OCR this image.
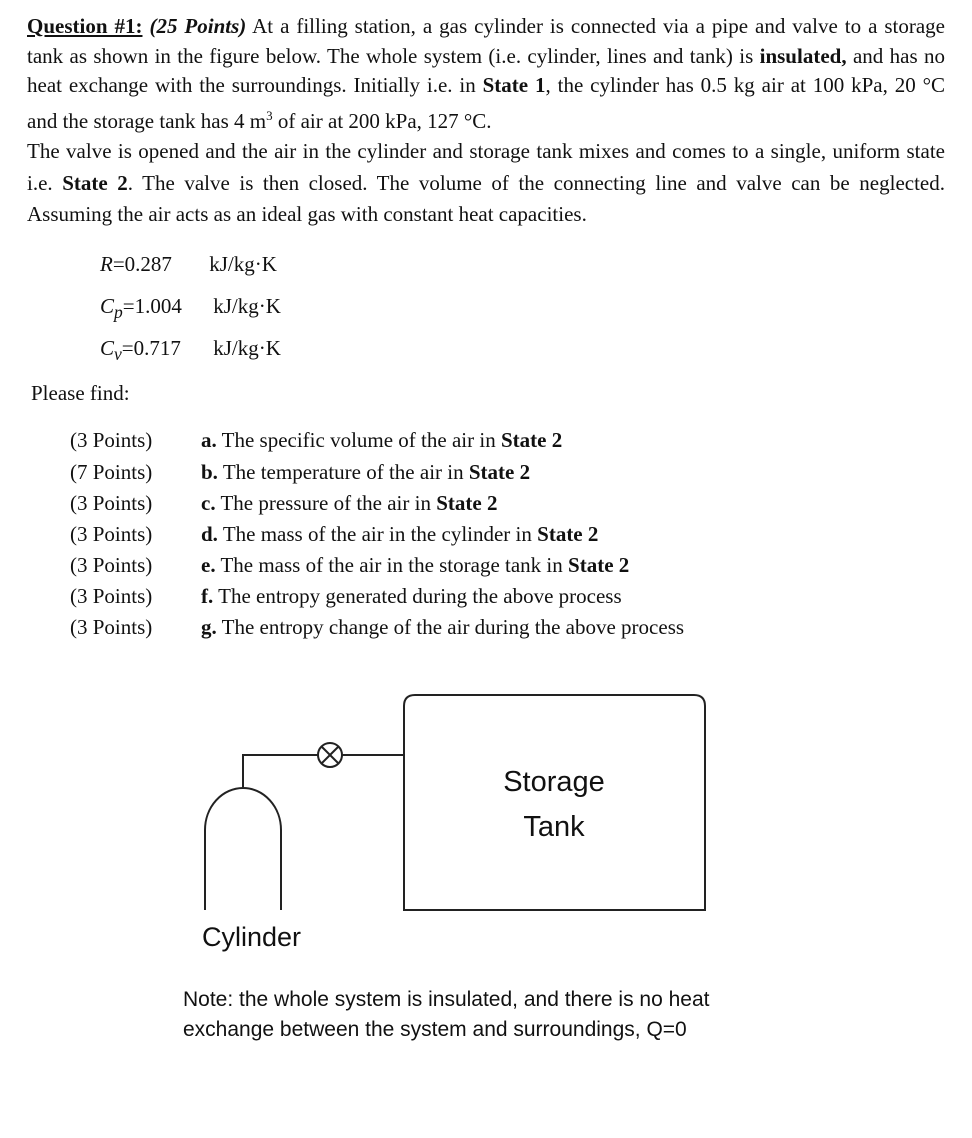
Question #1: (25 Points) At a filling station, a gas cylinder is connected via a pipe and valve to a storage tank as shown in the figure below. The whole system (i.e. cylinder, lines and tank) is insulated, and has no heat exchange with the surroundings. Initially i.e. in State 1, the cylinder has 0.5 kg air at 100 kPa, 20 °C and the storage tank has 4 $m^3$ of air at 200 kPa, 127 °C.
The valve is opened and the air in the cylinder and storage tank mixes and comes to a single, uniform state i.e. State 2. The valve is then closed. The volume of the connecting line and valve can be neglected. Assuming the air acts as an ideal gas with constant heat capacities.
R=0.287 kJ/kg·K
$C_p=1.004$ kJ/kg·K
$C_v=0.717$ kJ/kg·K
Please find:
(3 Points) a. The specific volume of the air in State 2
(7 Points) b. The temperature of the air in State 2
(3 Points) c. The pressure of the air in State 2
(3 Points) d. The mass of the air in the cylinder in State 2
(3 Points) e. The mass of the air in the storage tank in State 2
(3 Points) f. The entropy generated during the above process
(3 Points) g. The entropy change of the air during the above process
Storage
Tank
Cylinder
Note: the whole system is insulated, and there is no heat
exchange between the system and surroundings, Q=0
